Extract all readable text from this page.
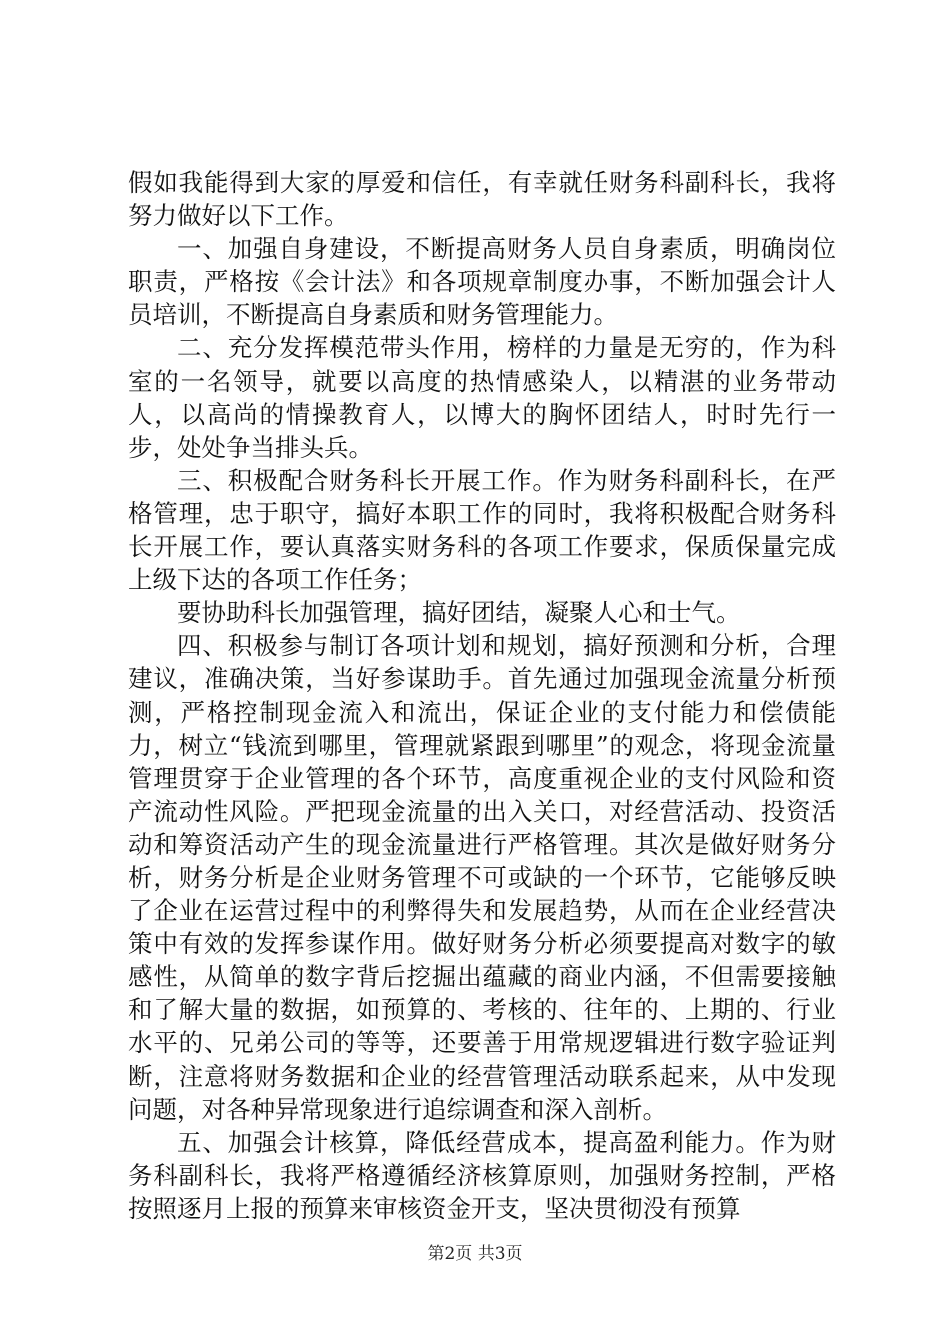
假如我能得到大家的厚爱和信任，有幸就任财务科副科长，我将努力做好以下工作。

一、加强自身建设，不断提高财务人员自身素质，明确岗位职责，严格按《会计法》和各项规章制度办事，不断加强会计人员培训，不断提高自身素质和财务管理能力。

二、充分发挥模范带头作用，榜样的力量是无穷的，作为科室的一名领导，就要以高度的热情感染人，以精湛的业务带动人，以高尚的情操教育人，以博大的胸怀团结人，时时先行一步，处处争当排头兵。

三、积极配合财务科长开展工作。作为财务科副科长，在严格管理，忠于职守，搞好本职工作的同时，我将积极配合财务科长开展工作，要认真落实财务科的各项工作要求，保质保量完成上级下达的各项工作任务；

要协助科长加强管理，搞好团结，凝聚人心和士气。

四、积极参与制订各项计划和规划，搞好预测和分析，合理建议，准确决策，当好参谋助手。首先通过加强现金流量分析预测，严格控制现金流入和流出，保证企业的支付能力和偿债能力，树立“钱流到哪里，管理就紧跟到哪里”的观念，将现金流量管理贯穿于企业管理的各个环节，高度重视企业的支付风险和资产流动性风险。严把现金流量的出入关口，对经营活动、投资活动和筹资活动产生的现金流量进行严格管理。其次是做好财务分析，财务分析是企业财务管理不可或缺的一个环节，它能够反映了企业在运营过程中的利弊得失和发展趋势，从而在企业经营决策中有效的发挥参谋作用。做好财务分析必须要提高对数字的敏感性，从简单的数字背后挖掘出蕴藏的商业内涵，不但需要接触和了解大量的数据，如预算的、考核的、往年的、上期的、行业水平的、兄弟公司的等等，还要善于用常规逻辑进行数字验证判断，注意将财务数据和企业的经营管理活动联系起来，从中发现问题，对各种异常现象进行追综调查和深入剖析。

五、加强会计核算，降低经营成本，提高盈利能力。作为财务科副科长，我将严格遵循经济核算原则，加强财务控制，严格按照逐月上报的预算来审核资金开支，坚决贯彻没有预算

第2页 共3页
